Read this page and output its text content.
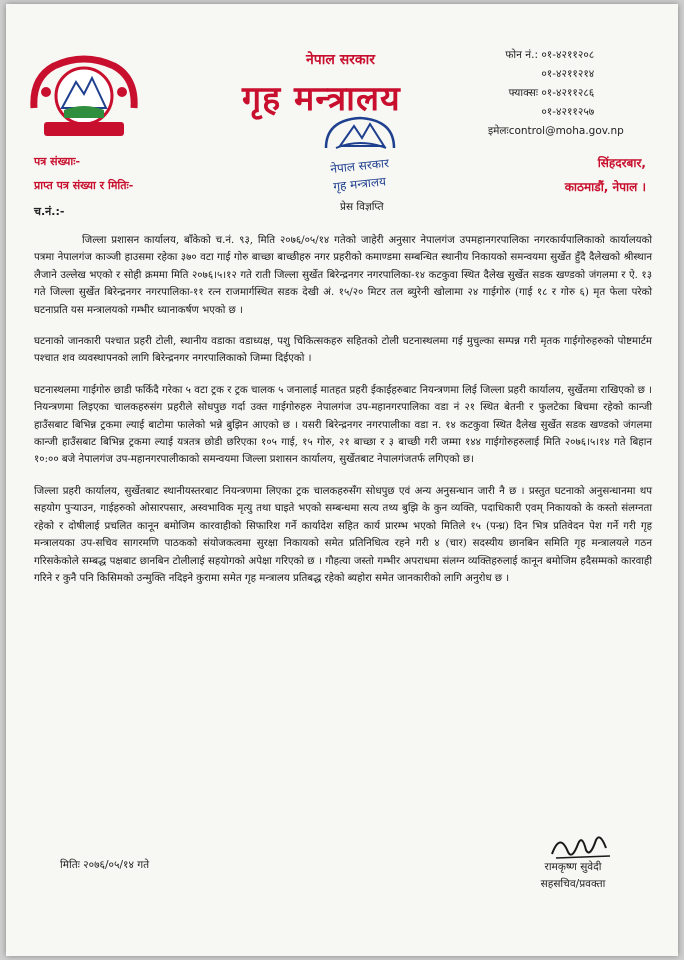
नेपाल सरकार
गृह मन्त्रालय
फोन नं.: ०१-४२११२०८
०१-४२११२१४
फ्याक्सः ०१-४२११२८६
०१-४२११२५७
इमेलःcontrol@moha.gov.np
नेपाल सरकार
गृह मन्त्रालय
पत्र संख्याः-
प्राप्त पत्र संख्या र मितिः-
च.नं.:-
सिंहदरबार,
काठमाडौं, नेपाल ।
प्रेस विज्ञप्ति

जिल्ला प्रशासन कार्यालय, बाँकेको च.नं. ९३, मिति २०७६/०५/१४ गतेको जाहेरी अनुसार नेपालगंज उपमहानगरपालिका नगरकार्यपालिकाको कार्यालयको पत्रमा नेपालगंज काञ्जी हाउसमा रहेका ३७० वटा गाई गोरु बाच्छा बाच्छीहरु नगर प्रहरीको कमाण्डमा सम्बन्धित स्थानीय निकायको समन्वयमा सुर्खेत हुँदै दैलेखको श्रीस्थान लैजाने उल्लेख भएको र सोही क्रममा मिति २०७६।५।१२ गते राती जिल्ला सुर्खेत बिरेन्द्रनगर नगरपालिका-१४ कटकुवा स्थित दैलेख सुर्खेत सडक खण्डको जंगलमा र ऐ. १३ गते जिल्ला सुर्खेत बिरेन्द्रनगर नगरपालिका-११ रत्न राजमार्गस्थित सडक देखी अं. १५/२० मिटर तल ब्युरेनी खोलामा २४ गाईगोरु (गाई १८ र गोरु ६) मृत फेला परेको घटनाप्रति यस मन्त्रालयको गम्भीर ध्यानाकर्षण भएको छ ।

घटनाको जानकारी पश्चात प्रहरी टोली, स्थानीय वडाका वडाध्यक्ष, पशु चिकित्सकहरु सहितको टोली घटनास्थलमा गई मुचुल्का सम्पन्न गरी मृतक गाईगोरुहरुको पोष्टमार्टम पश्चात शव व्यवस्थापनको लागि बिरेन्द्रनगर नगरपालिकाको जिम्मा दिईएको ।

घटनास्थलमा गाईगोरु छाडी फर्किदै गरेका ५ वटा ट्रक र ट्रक चालक ५ जनालाई मातहत प्रहरी ईकाईहरुबाट नियन्त्रणमा लिई जिल्ला प्रहरी कार्यालय, सुर्खेतमा राखिएको छ । नियन्त्रणमा लिइएका चालकहरुसंग प्रहरीले सोधपुछ गर्दा उक्त गाईगोरुहरु नेपालगंज उप-महानगरपालिका वडा नं २१ स्थित बेतनी र फुलटेका बिचमा रहेको कान्जी हाउँसबाट बिभिन्न ट्रकमा ल्याई बाटोमा फालेको भन्ने बुझिन आएको छ । यसरी बिरेन्द्रनगर नगरपालीका वडा न. १४ कटकुवा स्थित दैलेख सुर्खेत सडक खण्डको जंगलमा कान्जी हाउँसबाट बिभिन्न ट्रकमा ल्याई यत्रतत्र छोडी छरिएका १०५ गाई, १५ गोरु, २१ बाच्छा र ३ बाच्छी गरी जम्मा १४४ गाईगोरुहरुलाई मिति २०७६।५।१४ गते बिहान १०:०० बजे नेपालगंज उप-महानगरपालीकाको समन्वयमा जिल्ला प्रशासन कार्यालय, सुर्खेतबाट नेपालगंजतर्फ लगिएको छ।

जिल्ला प्रहरी कार्यालय, सुर्खेतबाट स्थानीयस्तरबाट नियन्त्रणमा लिएका ट्रक चालकहरुसँग सोधपुछ एवं अन्य अनुसन्धान जारी नै छ । प्रस्तुत घटनाको अनुसन्धानमा थप सहयोग पुऱ्याउन, गाईहरुको ओसारपसार, अस्वभाविक मृत्यु तथा घाइते भएको सम्बन्धमा सत्य तथ्य बुझि के कुन व्यक्ति, पदाधिकारी एवम् निकायको के कस्तो संलग्नता रहेको र दोषीलाई प्रचलित कानून बमोजिम कारवाहीको सिफारिश गर्ने कार्यादेश सहित कार्य प्रारम्भ भएको मितिले १५ (पन्ध्र) दिन भित्र प्रतिवेदन पेश गर्ने गरी गृह मन्त्रालयका उप-सचिव सागरमणि पाठकको संयोजकत्वमा सुरक्षा निकायको समेत प्रतिनिधित्व रहने गरी ४ (चार) सदस्यीय छानबिन समिति गृह मन्त्रालयले गठन गरिसकेकोले सम्बद्ध पक्षबाट छानबिन टोलीलाई सहयोगको अपेक्षा गरिएको छ । गौहत्या जस्तो गम्भीर अपराधमा संलग्न व्यक्तिहरुलाई कानून बमोजिम हदैसम्मको कारवाही गरिने र कुनै पनि किसिमको उन्मुक्ति नदिइने कुरामा समेत गृह मन्त्रालय प्रतिबद्ध रहेको ब्यहोरा समेत जानकारीको लागि अनुरोध छ ।

मितिः २०७६/०५/१४ गते	रामकृष्ण सुवेदी
सहसचिव/प्रवक्ता
